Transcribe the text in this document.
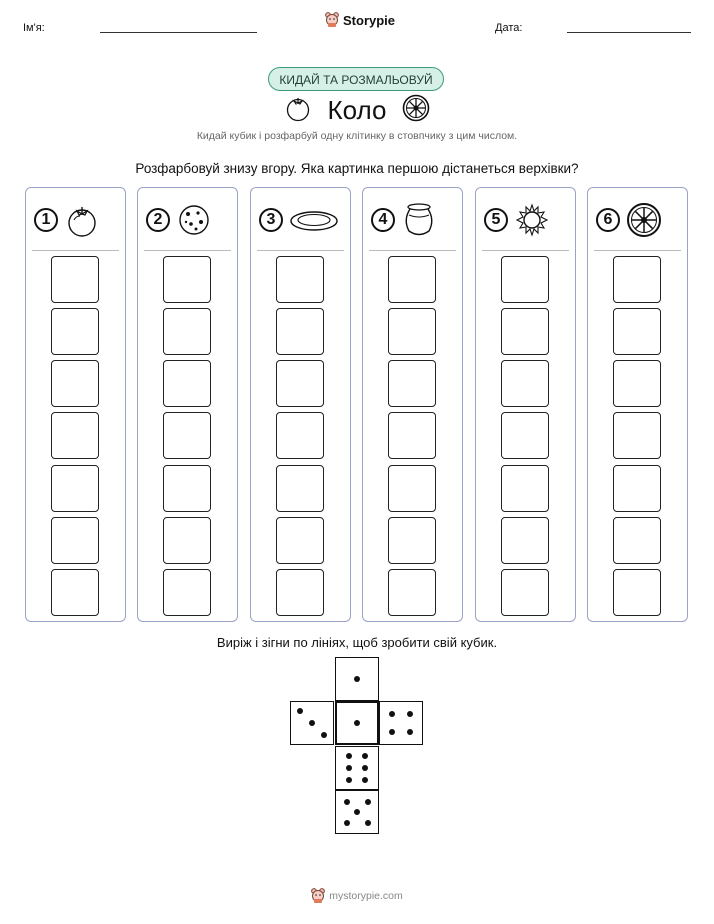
Ім'я:
Storypie
Дата:
КИДАЙ ТА РОЗМАЛЬОВУЙ
Коло
Кидай кубик і розфарбуй одну клітинку в стовпчику з цим числом.
Розфарбовуй знизу вгору. Яка картинка першою дістанеться верхівки?
1	2	3	4	5	6
Виріж і зігни по лініях, щоб зробити свій кубик.
mystorypie.com
